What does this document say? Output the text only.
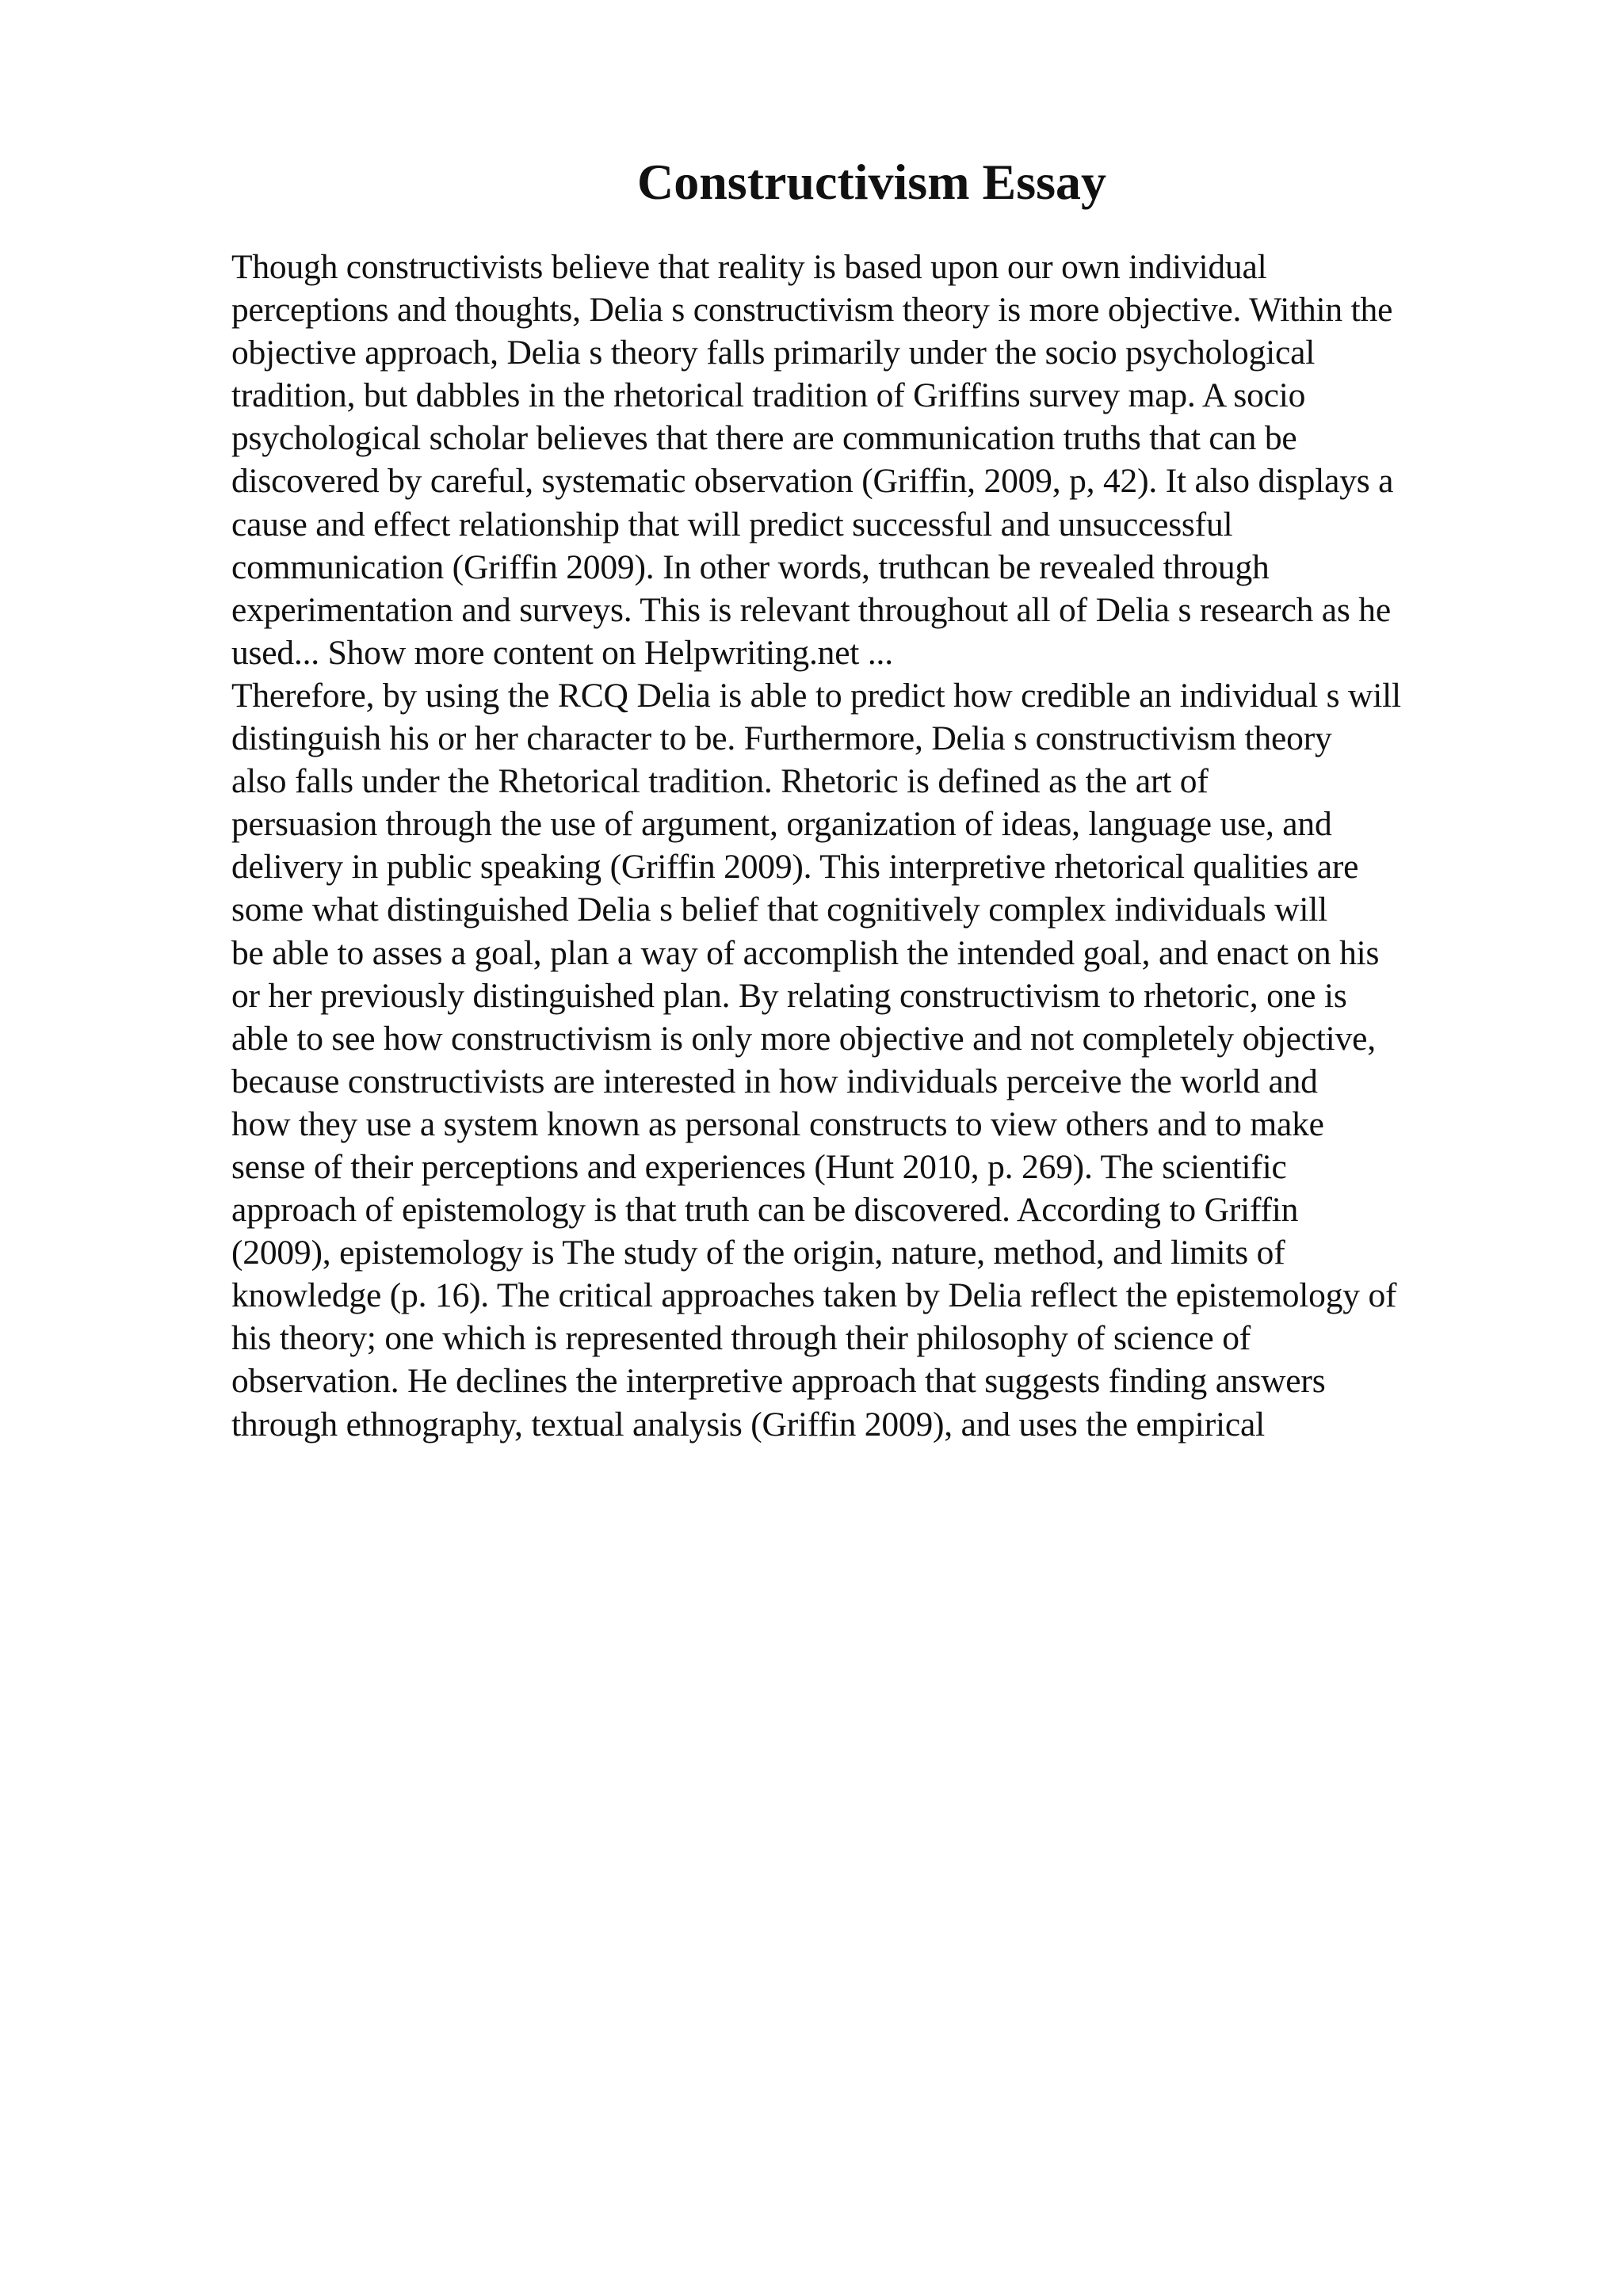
Constructivism Essay
Though constructivists believe that reality is based upon our own individual
perceptions and thoughts, Delia s constructivism theory is more objective. Within the
objective approach, Delia s theory falls primarily under the socio psychological
tradition, but dabbles in the rhetorical tradition of Griffins survey map. A socio
psychological scholar believes that there are communication truths that can be
discovered by careful, systematic observation (Griffin, 2009, p, 42). It also displays a
cause and effect relationship that will predict successful and unsuccessful
communication (Griffin 2009). In other words, truthcan be revealed through
experimentation and surveys. This is relevant throughout all of Delia s research as he
used... Show more content on Helpwriting.net ...
Therefore, by using the RCQ Delia is able to predict how credible an individual s will
distinguish his or her character to be. Furthermore, Delia s constructivism theory
also falls under the Rhetorical tradition. Rhetoric is defined as the art of
persuasion through the use of argument, organization of ideas, language use, and
delivery in public speaking (Griffin 2009). This interpretive rhetorical qualities are
some what distinguished Delia s belief that cognitively complex individuals will
be able to asses a goal, plan a way of accomplish the intended goal, and enact on his
or her previously distinguished plan. By relating constructivism to rhetoric, one is
able to see how constructivism is only more objective and not completely objective,
because constructivists are interested in how individuals perceive the world and
how they use a system known as personal constructs to view others and to make
sense of their perceptions and experiences (Hunt 2010, p. 269). The scientific
approach of epistemology is that truth can be discovered. According to Griffin
(2009), epistemology is The study of the origin, nature, method, and limits of
knowledge (p. 16). The critical approaches taken by Delia reflect the epistemology of
his theory; one which is represented through their philosophy of science of
observation. He declines the interpretive approach that suggests finding answers
through ethnography, textual analysis (Griffin 2009), and uses the empirical
